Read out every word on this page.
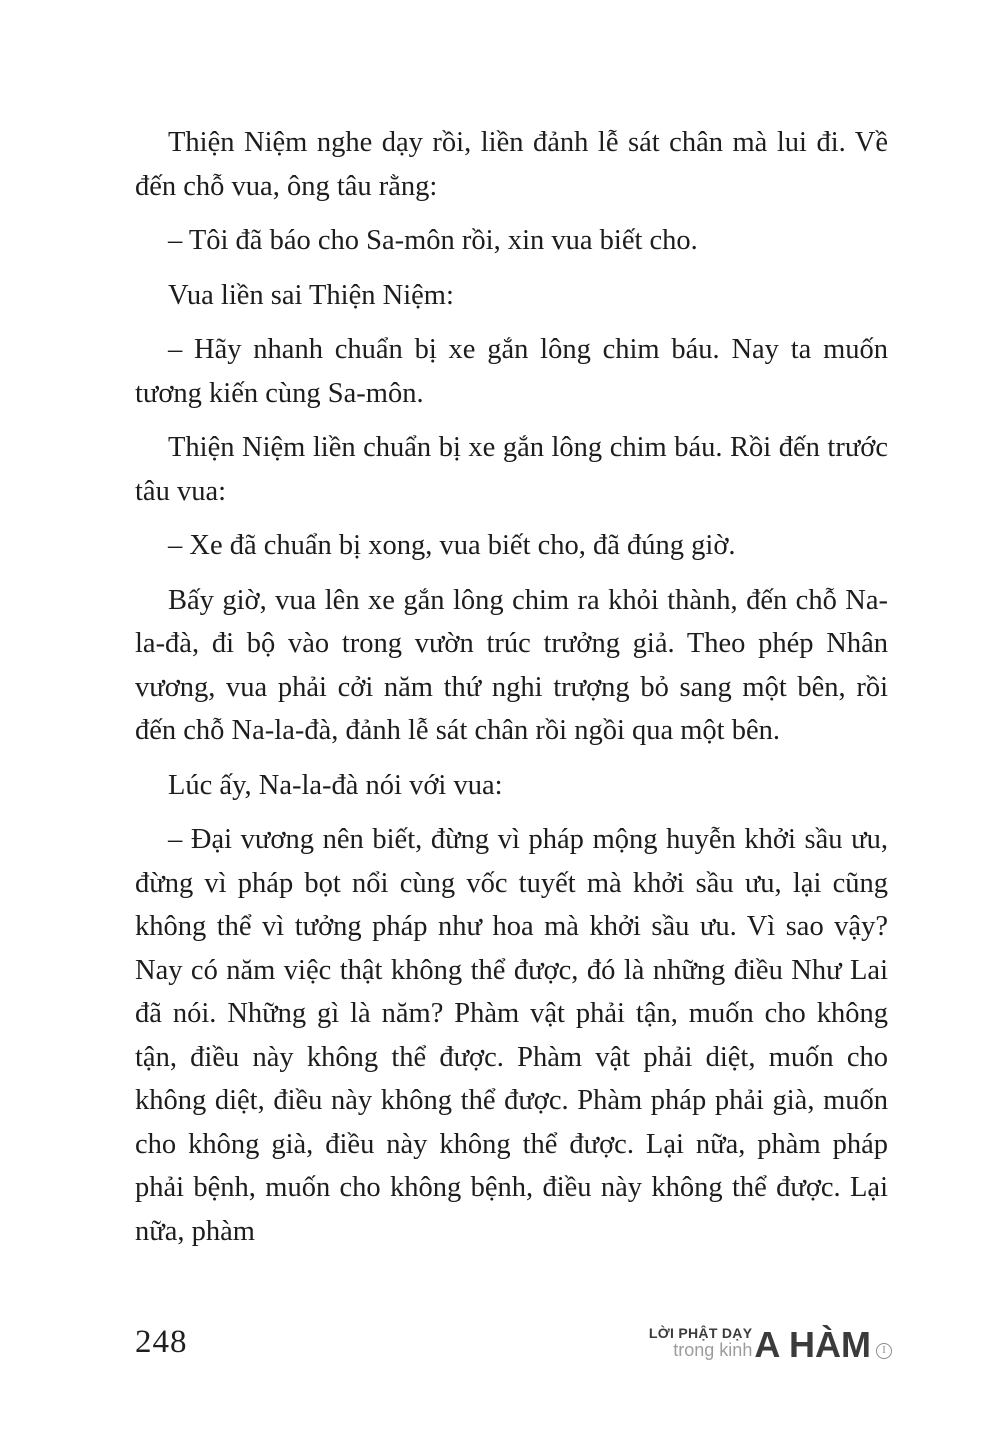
Thiện Niệm nghe dạy rồi, liền đảnh lễ sát chân mà lui đi. Về đến chỗ vua, ông tâu rằng:

– Tôi đã báo cho Sa-môn rồi, xin vua biết cho.

Vua liền sai Thiện Niệm:

– Hãy nhanh chuẩn bị xe gắn lông chim báu. Nay ta muốn tương kiến cùng Sa-môn.

Thiện Niệm liền chuẩn bị xe gắn lông chim báu. Rồi đến trước tâu vua:

– Xe đã chuẩn bị xong, vua biết cho, đã đúng giờ.

Bấy giờ, vua lên xe gắn lông chim ra khỏi thành, đến chỗ Na-la-đà, đi bộ vào trong vườn trúc trưởng giả. Theo phép Nhân vương, vua phải cởi năm thứ nghi trượng bỏ sang một bên, rồi đến chỗ Na-la-đà, đảnh lễ sát chân rồi ngồi qua một bên.

Lúc ấy, Na-la-đà nói với vua:

– Đại vương nên biết, đừng vì pháp mộng huyễn khởi sầu ưu, đừng vì pháp bọt nổi cùng vốc tuyết mà khởi sầu ưu, lại cũng không thể vì tưởng pháp như hoa mà khởi sầu ưu. Vì sao vậy? Nay có năm việc thật không thể được, đó là những điều Như Lai đã nói. Những gì là năm? Phàm vật phải tận, muốn cho không tận, điều này không thể được. Phàm vật phải diệt, muốn cho không diệt, điều này không thể được. Phàm pháp phải già, muốn cho không già, điều này không thể được. Lại nữa, phàm pháp phải bệnh, muốn cho không bệnh, điều này không thể được. Lại nữa, phàm

248	LỜI PHẬT DẠY
trong kinh A HÀM	I
